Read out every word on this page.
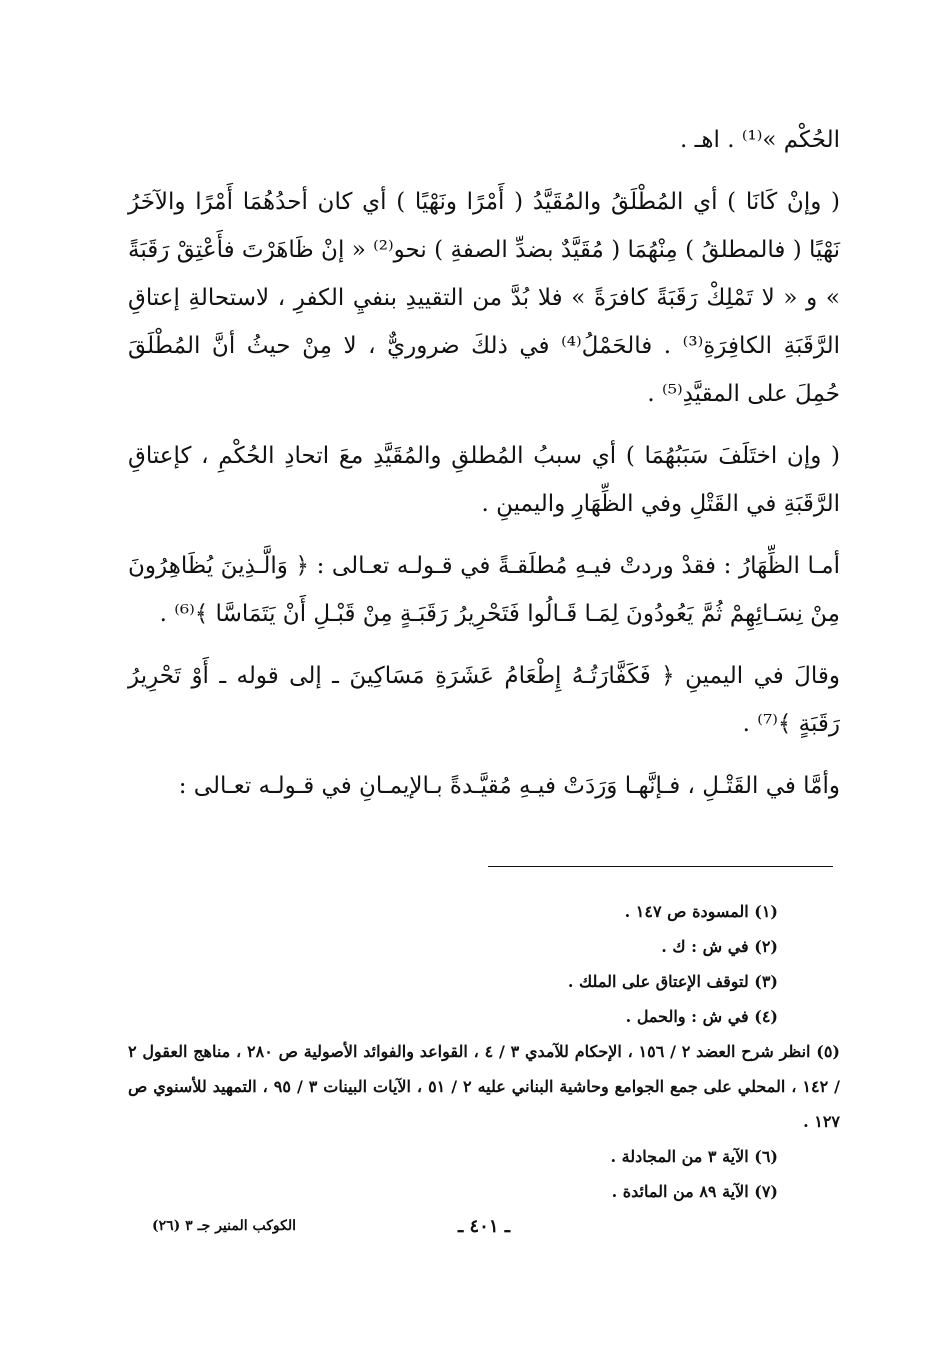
الحُكْم »⁽¹⁾ . اهـ .

( وإنْ كَانَا ) أي المُطْلَقُ والمُقَيَّدُ ( أَمْرًا ونَهْيًا ) أي كان أحدُهُمَا أَمْرًا والآخَرُ نَهْيًا ( فالمطلقُ ) مِنْهُمَا ( مُقَيَّدٌ بضدِّ الصفةِ ) نحو⁽²⁾ « إنْ ظَاهَرْتَ فأَعْتِقْ رَقَبَةً » و « لا تَمْلِكْ رَقَبَةً كافرَةً » فلا بُدَّ من التقييدِ بنفيِ الكفرِ ، لاستحالةِ إعتاقِ الرَّقَبَةِ الكافِرَةِ⁽³⁾ . فالحَمْلُ⁽⁴⁾ في ذلكَ ضروريٌّ ، لا مِنْ حيثُ أنَّ المُطْلَقَ حُمِلَ على المقيَّدِ⁽⁵⁾ .

( وإن اختَلَفَ سَبَبُهُمَا ) أي سببُ المُطلقِ والمُقَيَّدِ معَ اتحادِ الحُكْمِ ، كإعتاقِ الرَّقَبَةِ في القَتْلِ وفي الظِّهَارِ واليمينِ .

أمـا الظِّهَارُ : فقدْ وردتْ فيـهِ مُطلَقـةً في قـولـه تعـالى : ﴿ وَالَّـذِينَ يُظَاهِرُونَ مِنْ نِسَـائِهِمْ ثُمَّ يَعُودُونَ لِمَـا قَـالُوا فَتَحْرِيرُ رَقَبَـةٍ مِنْ قَبْـلِ أَنْ يَتَمَاسَّا ﴾⁽⁶⁾ .

وقالَ في اليمينِ ﴿ فَكَفَّارَتُـهُ إِطْعَامُ عَشَرَةِ مَسَاكِينَ ـ إلى قوله ـ أَوْ تَحْرِيرُ رَقَبَةٍ ﴾⁽⁷⁾ .

وأمَّا في القَتْـلِ ، فـإنَّهـا وَرَدَتْ فيـهِ مُقيَّـدةً بـالإيمـانِ في قـولـه تعـالى :

(١) المسودة ص ١٤٧ .

(٢) في ش : ك .

(٣) لتوقف الإعتاق على الملك .

(٤) في ش : والحمل .

(٥) انظر شرح العضد ٢ / ١٥٦ ، الإحكام للآمدي ٣ / ٤ ، القواعد والفوائد الأصولية ص ٢٨٠ ، مناهج العقول ٢ / ١٤٢ ، المحلي على جمع الجوامع وحاشية البناني عليه ٢ / ٥١ ، الآيات البينات ٣ / ٩٥ ، التمهيد للأسنوي ص ١٢٧ .

(٦) الآية ٣ من المجادلة .

(٧) الآية ٨٩ من المائدة .

ـ ٤٠١ ـ
الكوكب المنير جـ ٣ (٢٦)
